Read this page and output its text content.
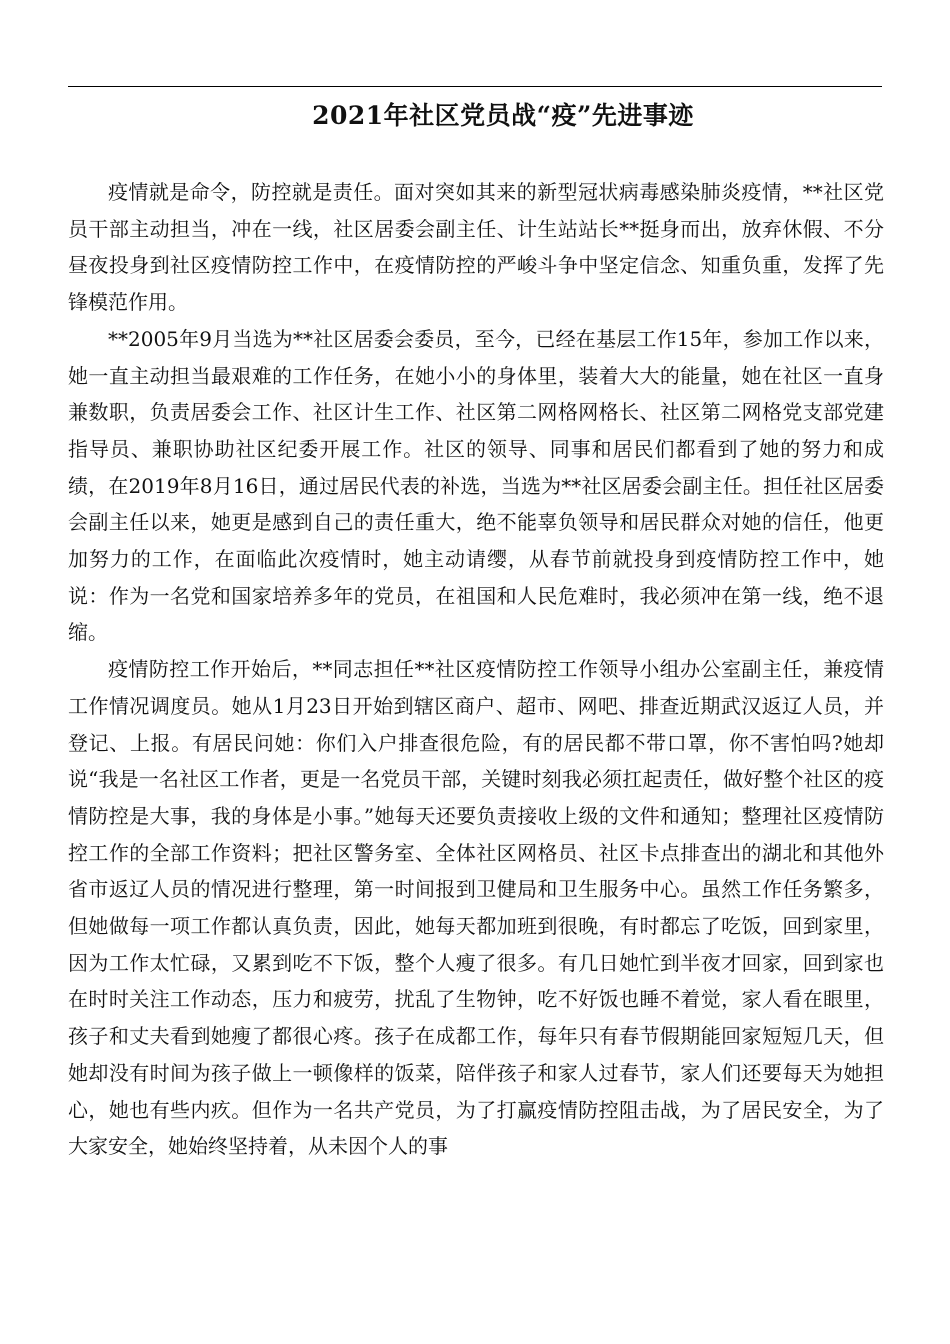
2021年社区党员战“疫”先进事迹

疫情就是命令，防控就是责任。面对突如其来的新型冠状病毒感染肺炎疫情，**社区党员干部主动担当，冲在一线，社区居委会副主任、计生站站长**挺身而出，放弃休假、不分昼夜投身到社区疫情防控工作中，在疫情防控的严峻斗争中坚定信念、知重负重，发挥了先锋模范作用。

**2005年9月当选为**社区居委会委员，至今，已经在基层工作15年，参加工作以来，她一直主动担当最艰难的工作任务，在她小小的身体里，装着大大的能量，她在社区一直身兼数职，负责居委会工作、社区计生工作、社区第二网格网格长、社区第二网格党支部党建指导员、兼职协助社区纪委开展工作。社区的领导、同事和居民们都看到了她的努力和成绩，在2019年8月16日，通过居民代表的补选，当选为**社区居委会副主任。担任社区居委会副主任以来，她更是感到自己的责任重大，绝不能辜负领导和居民群众对她的信任，他更加努力的工作，在面临此次疫情时，她主动请缨，从春节前就投身到疫情防控工作中，她说：作为一名党和国家培养多年的党员，在祖国和人民危难时，我必须冲在第一线，绝不退缩。

疫情防控工作开始后，**同志担任**社区疫情防控工作领导小组办公室副主任，兼疫情工作情况调度员。她从1月23日开始到辖区商户、超市、网吧、排查近期武汉返辽人员，并登记、上报。有居民问她：你们入户排查很危险，有的居民都不带口罩，你不害怕吗?她却说“我是一名社区工作者，更是一名党员干部，关键时刻我必须扛起责任，做好整个社区的疫情防控是大事，我的身体是小事。”她每天还要负责接收上级的文件和通知；整理社区疫情防控工作的全部工作资料；把社区警务室、全体社区网格员、社区卡点排查出的湖北和其他外省市返辽人员的情况进行整理，第一时间报到卫健局和卫生服务中心。虽然工作任务繁多，但她做每一项工作都认真负责，因此，她每天都加班到很晚，有时都忘了吃饭，回到家里，因为工作太忙碌，又累到吃不下饭，整个人瘦了很多。有几日她忙到半夜才回家，回到家也在时时关注工作动态，压力和疲劳，扰乱了生物钟，吃不好饭也睡不着觉，家人看在眼里，孩子和丈夫看到她瘦了都很心疼。孩子在成都工作，每年只有春节假期能回家短短几天，但她却没有时间为孩子做上一顿像样的饭菜，陪伴孩子和家人过春节，家人们还要每天为她担心，她也有些内疚。但作为一名共产党员，为了打赢疫情防控阻击战，为了居民安全，为了大家安全，她始终坚持着，从未因个人的事
